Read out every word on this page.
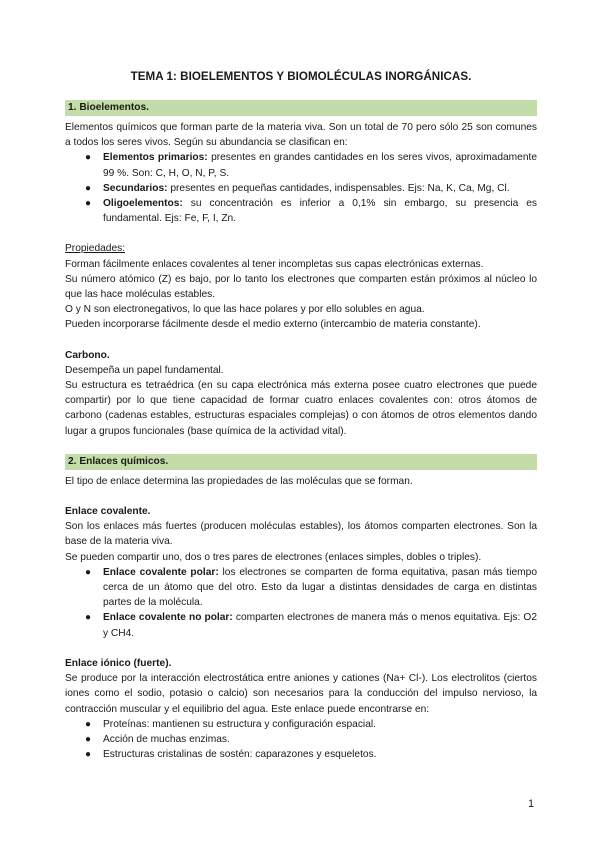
TEMA 1: BIOELEMENTOS Y BIOMOLÉCULAS INORGÁNICAS.
1. Bioelementos.

Elementos químicos que forman parte de la materia viva. Son un total de 70 pero sólo 25 son comunes a todos los seres vivos. Según su abundancia se clasifican en:

● Elementos primarios: presentes en grandes cantidades en los seres vivos, aproximadamente 99 %. Son: C, H, O, N, P, S.
● Secundarios: presentes en pequeñas cantidades, indispensables. Ejs: Na, K, Ca, Mg, Cl.
● Oligoelementos: su concentración es inferior a 0,1% sin embargo, su presencia es fundamental. Ejs: Fe, F, I, Zn.

Propiedades:

Forman fácilmente enlaces covalentes al tener incompletas sus capas electrónicas externas.

Su número atómico (Z) es bajo, por lo tanto los electrones que comparten están próximos al núcleo lo que las hace moléculas estables.

O y N son electronegativos, lo que las hace polares y por ello solubles en agua.

Pueden incorporarse fácilmente desde el medio externo (intercambio de materia constante).

Carbono.

Desempeña un papel fundamental.

Su estructura es tetraédrica (en su capa electrónica más externa posee cuatro electrones que puede compartir) por lo que tiene capacidad de formar cuatro enlaces covalentes con: otros átomos de carbono (cadenas estables, estructuras espaciales complejas) o con átomos de otros elementos dando lugar a grupos funcionales (base química de la actividad vital).

2. Enlaces químicos.

El tipo de enlace determina las propiedades de las moléculas que se forman.

Enlace covalente.

Son los enlaces más fuertes (producen moléculas estables), los átomos comparten electrones. Son la base de la materia viva.

Se pueden compartir uno, dos o tres pares de electrones (enlaces simples, dobles o triples).

● Enlace covalente polar: los electrones se comparten de forma equitativa, pasan más tiempo cerca de un átomo que del otro. Esto da lugar a distintas densidades de carga en distintas partes de la molécula.
● Enlace covalente no polar: comparten electrones de manera más o menos equitativa. Ejs: O2 y CH4.

Enlace iónico (fuerte).

Se produce por la interacción electrostática entre aniones y cationes (Na+ Cl-). Los electrolitos (ciertos iones como el sodio, potasio o calcio) son necesarios para la conducción del impulso nervioso, la contracción muscular y el equilibrio del agua. Este enlace puede encontrarse en:

● Proteínas: mantienen su estructura y configuración espacial.
● Acción de muchas enzimas.
● Estructuras cristalinas de sostén: caparazones y esqueletos.
1
